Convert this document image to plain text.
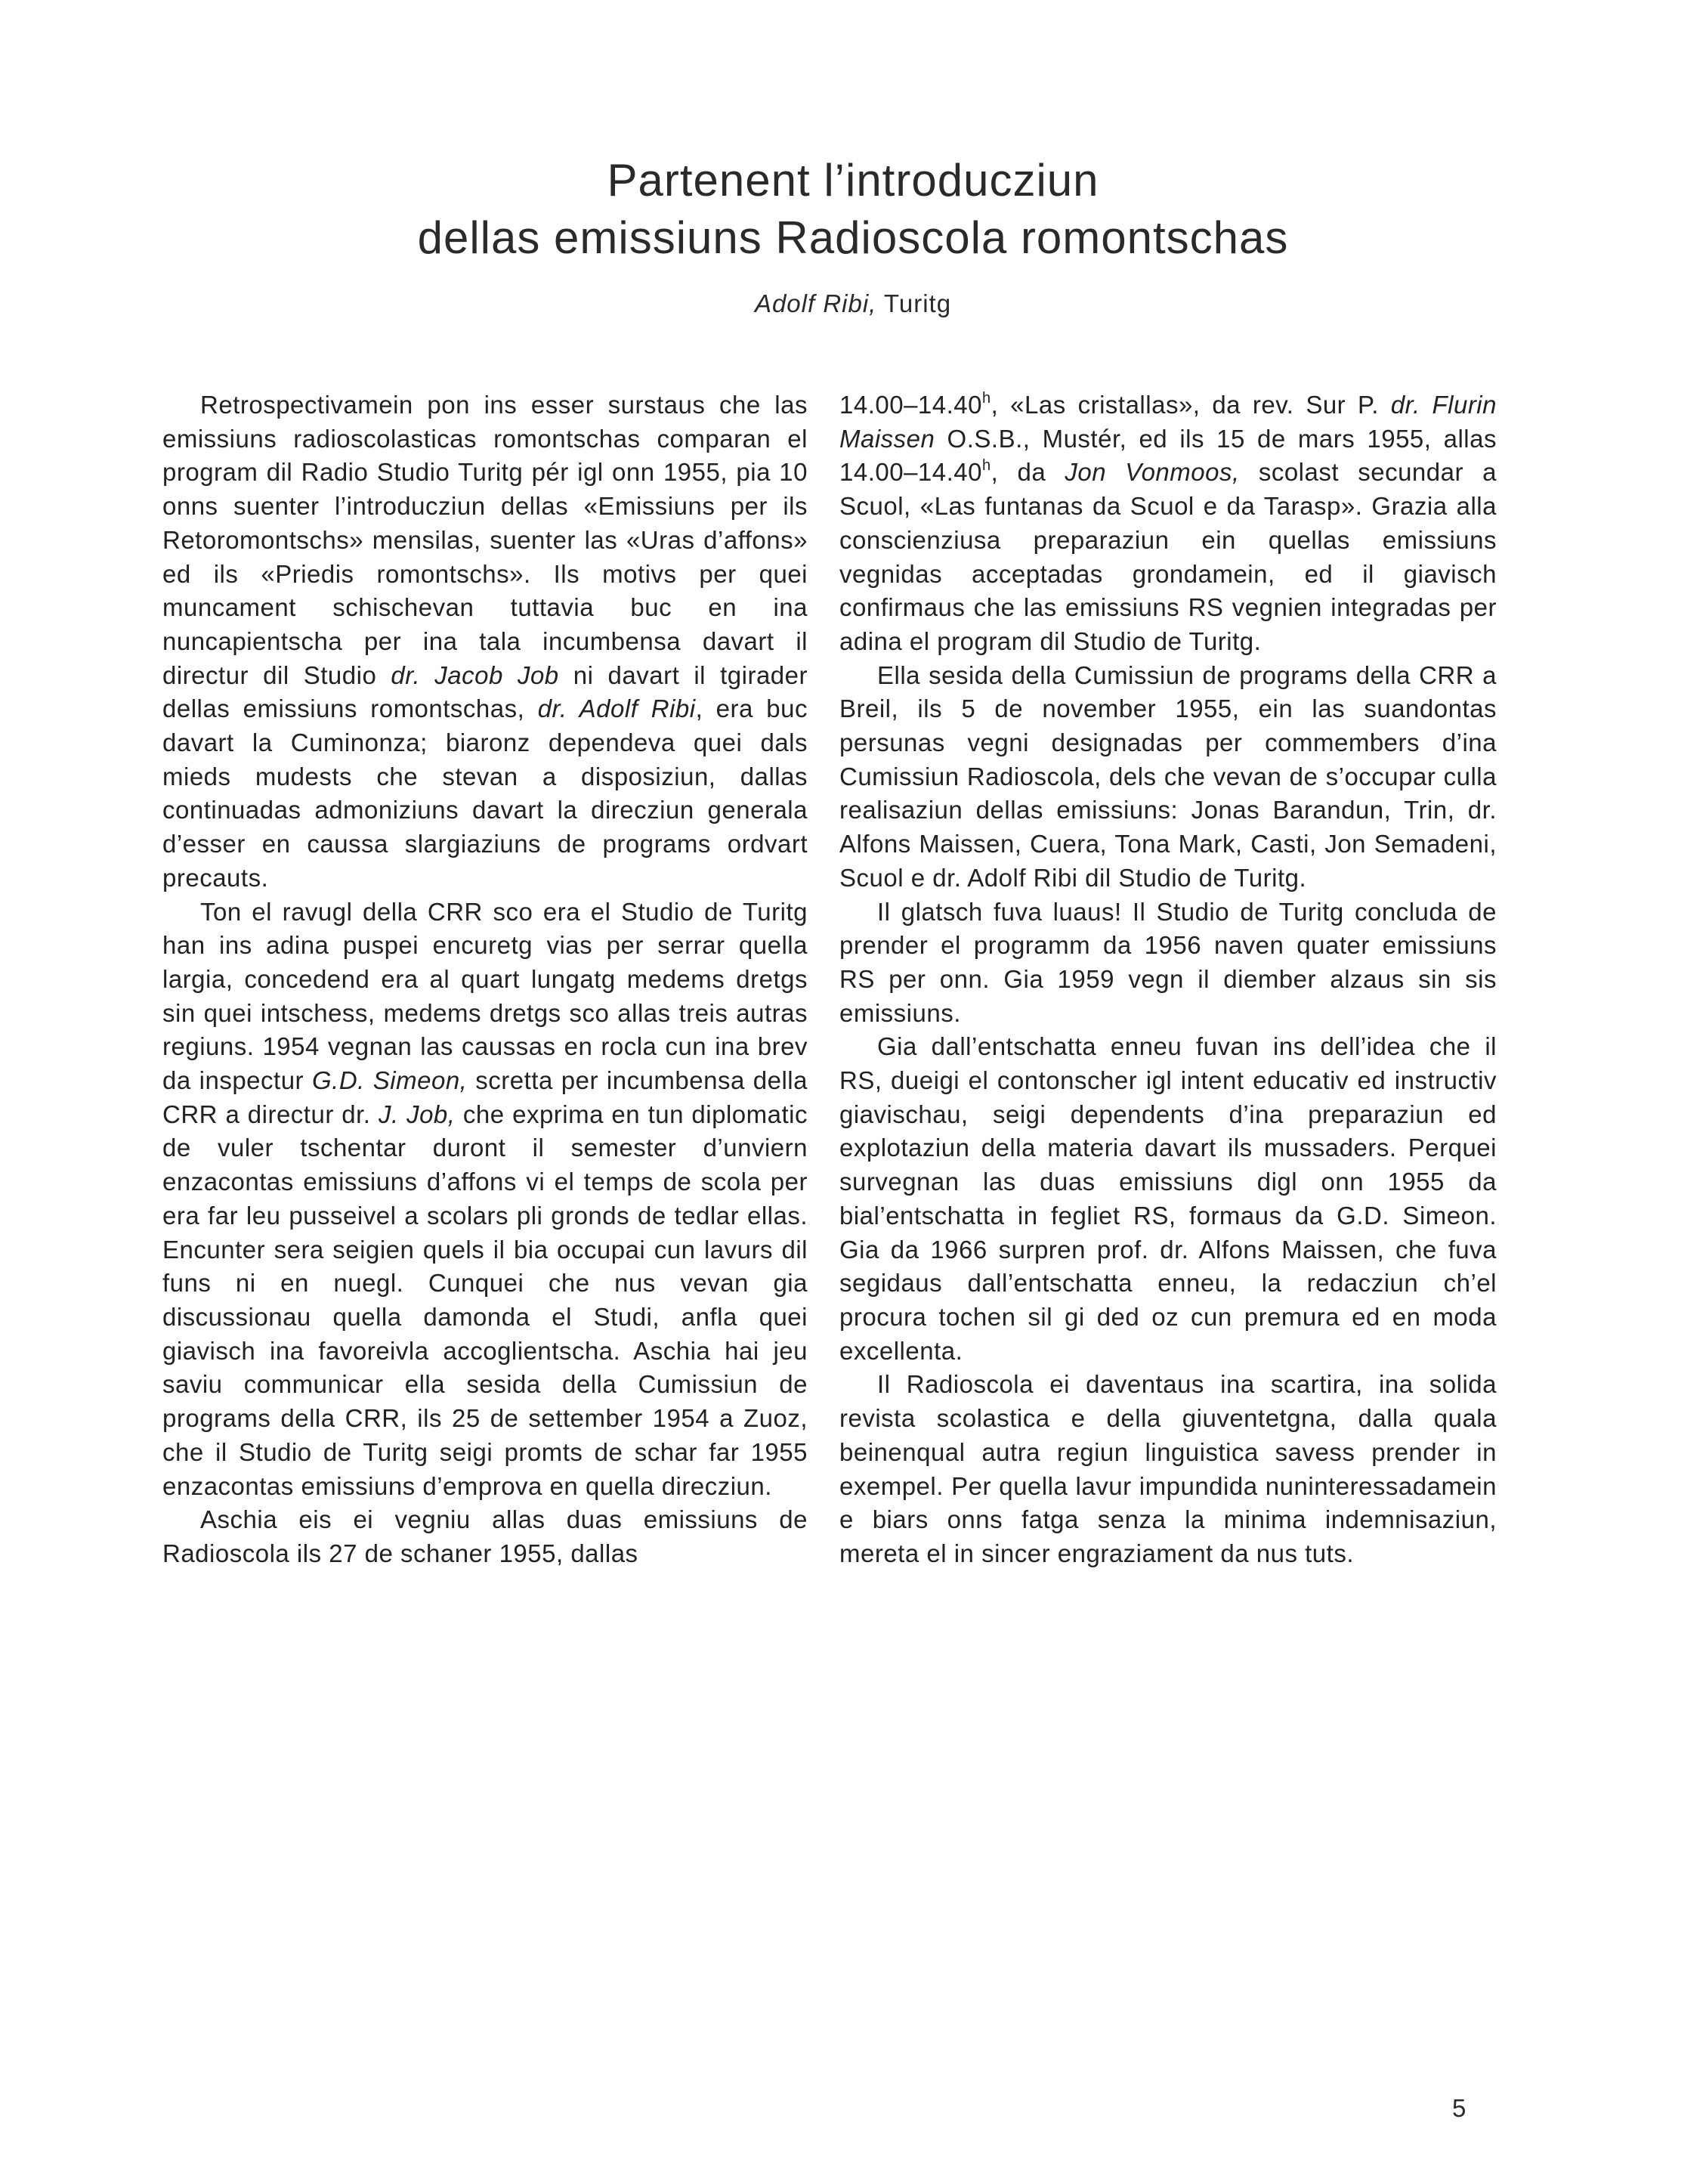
Partenent l’introducziun
dellas emissiuns Radioscola romontschas
Adolf Ribi, Turitg

Retrospectivamein pon ins esser surstaus che las emissiuns radioscolasticas romontschas comparan el program dil Radio Studio Turitg pér igl onn 1955, pia 10 onns suenter l’introducziun dellas «Emissiuns per ils Retoromontschs» mensilas, suenter las «Uras d’affons» ed ils «Priedis romontschs». Ils motivs per quei muncament schischevan tuttavia buc en ina nuncapientscha per ina tala incumbensa davart il directur dil Studio dr. Jacob Job ni davart il tgirader dellas emissiuns romontschas, dr. Adolf Ribi, era buc davart la Cuminonza; biaronz dependeva quei dals mieds mudests che stevan a disposiziun, dallas continuadas admoniziuns davart la direcziun generala d’esser en caussa slargiaziuns de programs ordvart precauts.

Ton el ravugl della CRR sco era el Studio de Turitg han ins adina puspei encuretg vias per serrar quella largia, concedend era al quart lungatg medems dretgs sin quei intschess, medems dretgs sco allas treis autras regiuns. 1954 vegnan las caussas en rocla cun ina brev da inspectur G.D. Simeon, scretta per incumbensa della CRR a directur dr. J. Job, che exprima en tun diplomatic de vuler tschentar duront il semester d’unviern enzacontas emissiuns d’affons vi el temps de scola per era far leu pusseivel a scolars pli gronds de tedlar ellas. Encunter sera seigien quels il bia occupai cun lavurs dil funs ni en nuegl. Cunquei che nus vevan gia discussionau quella damonda el Studi, anfla quei giavisch ina favoreivla accoglientscha. Aschia hai jeu saviu communicar ella sesida della Cumissiun de programs della CRR, ils 25 de settember 1954 a Zuoz, che il Studio de Turitg seigi promts de schar far 1955 enzacontas emissiuns d’emprova en quella direcziun.

Aschia eis ei vegniu allas duas emissiuns de Radioscola ils 27 de schaner 1955, dallas

14.00–14.40$^h$, «Las cristallas», da rev. Sur P. dr. Flurin Maissen O.S.B., Mustér, ed ils 15 de mars 1955, allas 14.00–14.40$^h$, da Jon Vonmoos, scolast secundar a Scuol, «Las funtanas da Scuol e da Tarasp». Grazia alla conscienziusa preparaziun ein quellas emissiuns vegnidas acceptadas grondamein, ed il giavisch confirmaus che las emissiuns RS vegnien integradas per adina el program dil Studio de Turitg.

Ella sesida della Cumissiun de programs della CRR a Breil, ils 5 de november 1955, ein las suandontas persunas vegni designadas per commembers d’ina Cumissiun Radioscola, dels che vevan de s’occupar culla realisaziun dellas emissiuns: Jonas Barandun, Trin, dr. Alfons Maissen, Cuera, Tona Mark, Casti, Jon Semadeni, Scuol e dr. Adolf Ribi dil Studio de Turitg.

Il glatsch fuva luaus! Il Studio de Turitg concluda de prender el programm da 1956 naven quater emissiuns RS per onn. Gia 1959 vegn il diember alzaus sin sis emissiuns.

Gia dall’entschatta enneu fuvan ins dell’idea che il RS, dueigi el contonscher igl intent educativ ed instructiv giavischau, seigi dependents d’ina preparaziun ed explotaziun della materia davart ils mussaders. Perquei survegnan las duas emissiuns digl onn 1955 da bial’entschatta in fegliet RS, formaus da G.D. Simeon. Gia da 1966 surpren prof. dr. Alfons Maissen, che fuva segidaus dall’entschatta enneu, la redacziun ch’el procura tochen sil gi ded oz cun premura ed en moda excellenta.

Il Radioscola ei daventaus ina scartira, ina solida revista scolastica e della giuventetgna, dalla quala beinenqual autra regiun linguistica savess prender in exempel. Per quella lavur impundida nuninteressadamein e biars onns fatga senza la minima indemnisaziun, mereta el in sincer engraziament da nus tuts.

5
